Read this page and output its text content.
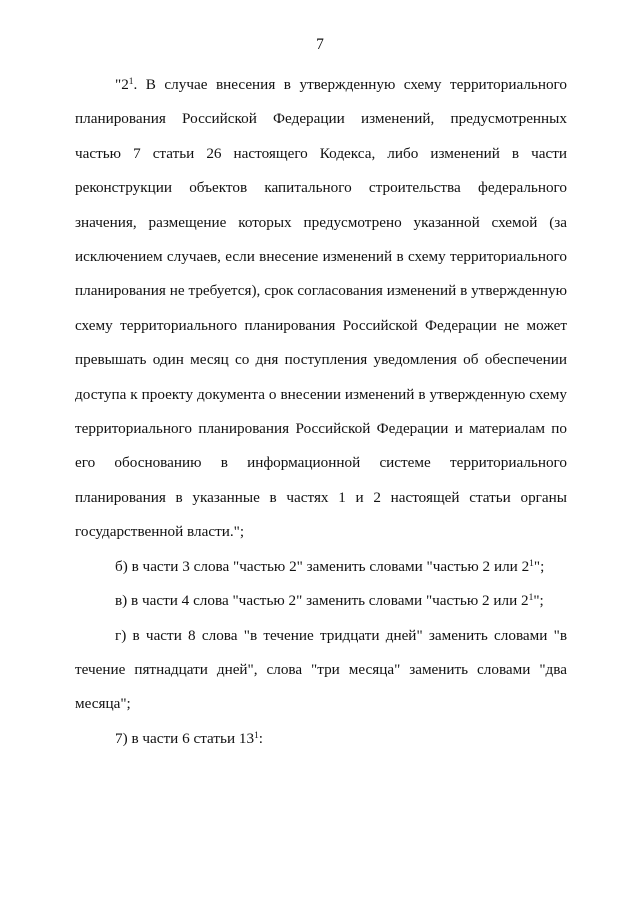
7

"$2^1$. В случае внесения в утвержденную схему территориального планирования Российской Федерации изменений, предусмотренных частью 7 статьи 26 настоящего Кодекса, либо изменений в части реконструкции объектов капитального строительства федерального значения, размещение которых предусмотрено указанной схемой (за исключением случаев, если внесение изменений в схему территориального планирования не требуется), срок согласования изменений в утвержденную схему территориального планирования Российской Федерации не может превышать один месяц со дня поступления уведомления об обеспечении доступа к проекту документа о внесении изменений в утвержденную схему территориального планирования Российской Федерации и материалам по его обоснованию в информационной системе территориального планирования в указанные в частях 1 и 2 настоящей статьи органы государственной власти.";

б) в части 3 слова "частью 2" заменить словами "частью 2 или $2^1$";

в) в части 4 слова "частью 2" заменить словами "частью 2 или $2^1$";

г) в части 8 слова "в течение тридцати дней" заменить словами "в течение пятнадцати дней", слова "три месяца" заменить словами "два месяца";

7) в части 6 статьи $13^1$:
